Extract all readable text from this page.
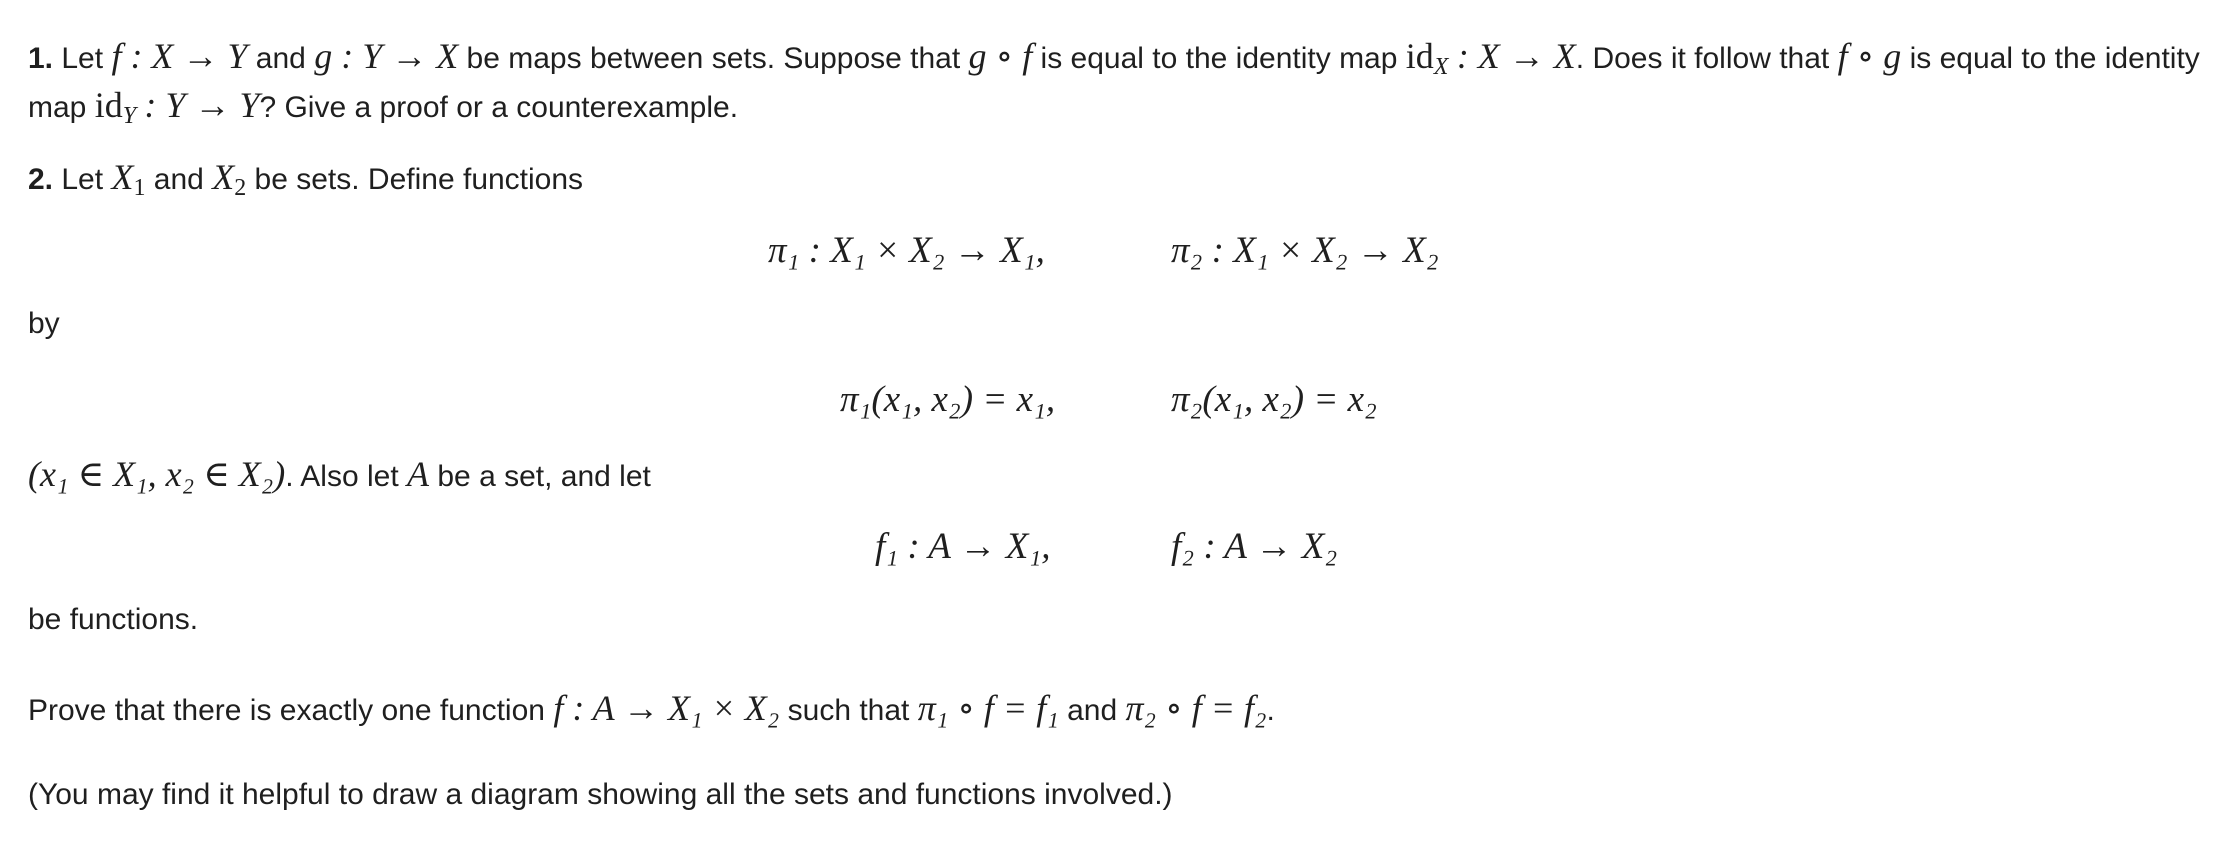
1. Let f : X → Y and g : Y → X be maps between sets. Suppose that g ∘ f is equal to the identity map $id_X$ : X → X. Does it follow that f ∘ g is equal to the identity map $id_Y$ : Y → Y? Give a proof or a counterexample.
2. Let $X_1$ and $X_2$ be sets. Define functions
π₁ : X₁ × X₂ → X₁,	π₂ : X₁ × X₂ → X₂
by
π₁(x₁, x₂) = x₁,	π₂(x₁, x₂) = x₂
(x₁ ∈ X₁, x₂ ∈ X₂). Also let A be a set, and let
f₁ : A → X₁,	f₂ : A → X₂
be functions.
Prove that there is exactly one function f : A → X₁ × X₂ such that π₁ ∘ f = f₁ and π₂ ∘ f = f₂.
(You may find it helpful to draw a diagram showing all the sets and functions involved.)
